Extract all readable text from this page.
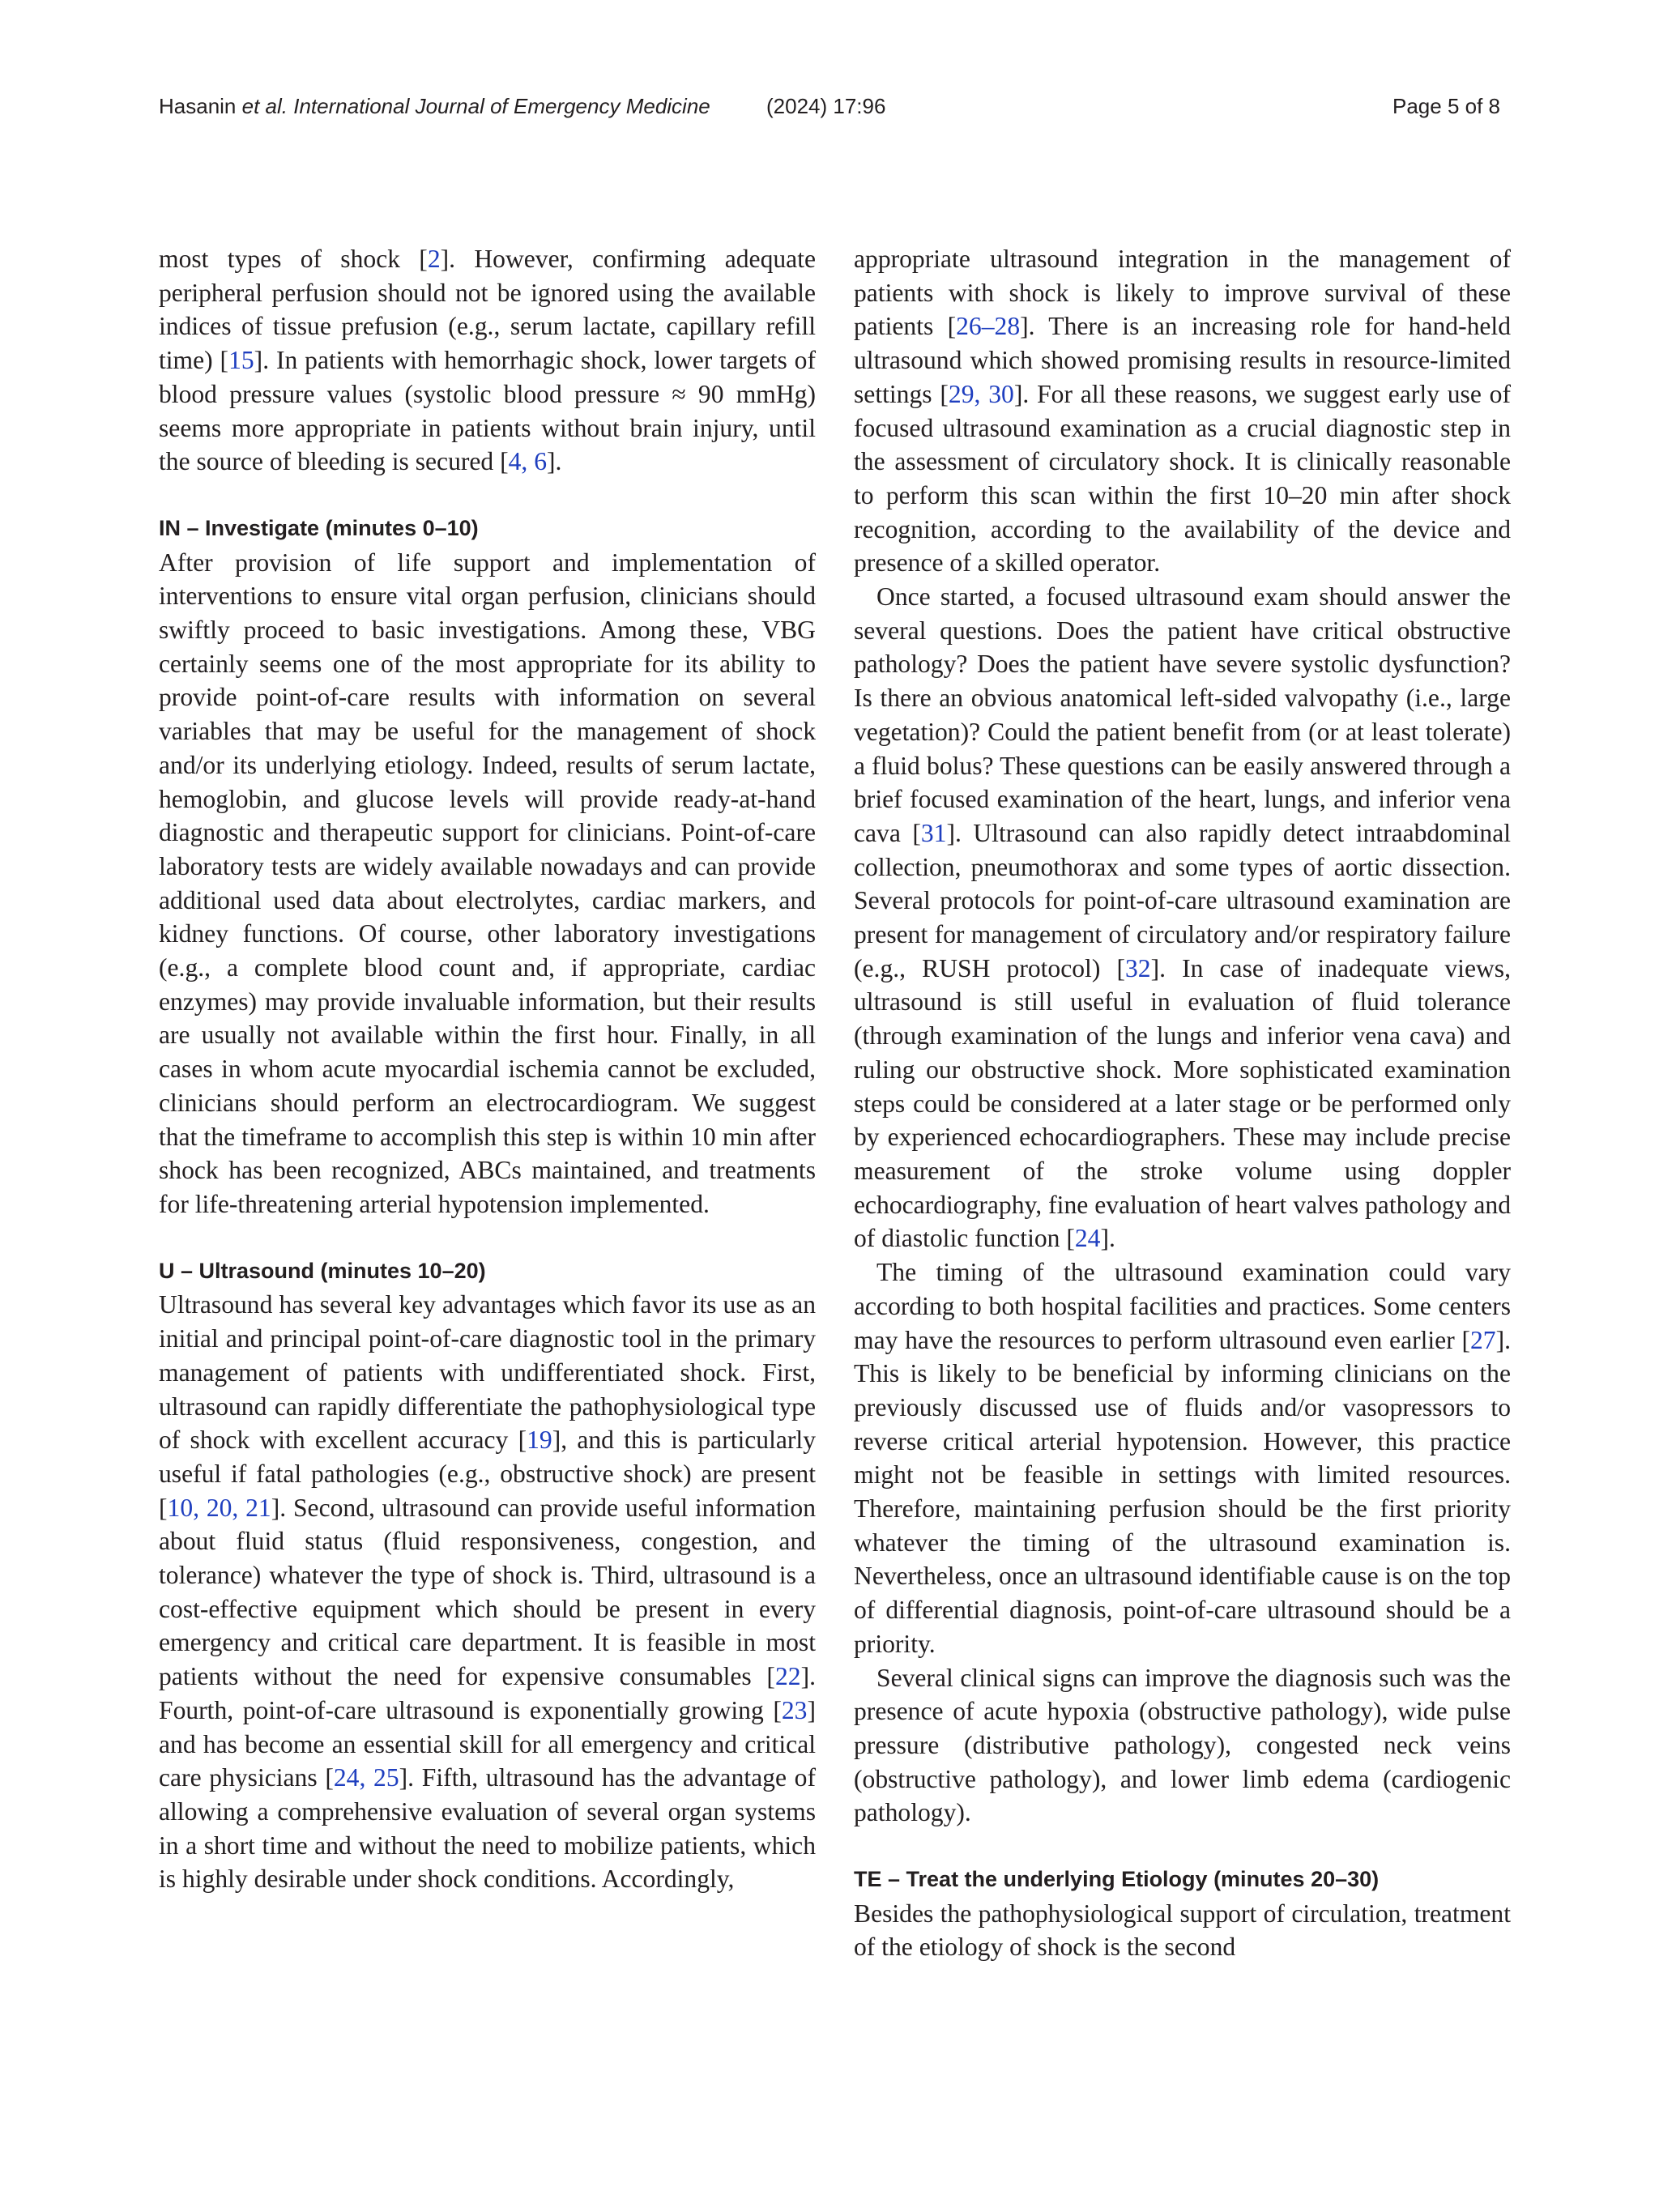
Hasanin et al. International Journal of Emergency Medicine	(2024) 17:96	Page 5 of 8

most types of shock [2]. However, confirming adequate peripheral perfusion should not be ignored using the available indices of tissue prefusion (e.g., serum lactate, capillary refill time) [15]. In patients with hemorrhagic shock, lower targets of blood pressure values (systolic blood pressure ≈ 90 mmHg) seems more appropriate in patients without brain injury, until the source of bleeding is secured [4, 6].

IN – Investigate (minutes 0–10)

After provision of life support and implementation of interventions to ensure vital organ perfusion, clinicians should swiftly proceed to basic investigations. Among these, VBG certainly seems one of the most appropriate for its ability to provide point-of-care results with information on several variables that may be useful for the management of shock and/or its underlying etiology. Indeed, results of serum lactate, hemoglobin, and glucose levels will provide ready-at-hand diagnostic and therapeutic support for clinicians. Point-of-care laboratory tests are widely available nowadays and can provide additional used data about electrolytes, cardiac markers, and kidney functions. Of course, other laboratory investigations (e.g., a complete blood count and, if appropriate, cardiac enzymes) may provide invaluable information, but their results are usually not available within the first hour. Finally, in all cases in whom acute myocardial ischemia cannot be excluded, clinicians should perform an electrocardiogram. We suggest that the timeframe to accomplish this step is within 10 min after shock has been recognized, ABCs maintained, and treatments for life-threatening arterial hypotension implemented.

U – Ultrasound (minutes 10–20)

Ultrasound has several key advantages which favor its use as an initial and principal point-of-care diagnostic tool in the primary management of patients with undifferentiated shock. First, ultrasound can rapidly differentiate the pathophysiological type of shock with excellent accuracy [19], and this is particularly useful if fatal pathologies (e.g., obstructive shock) are present [10, 20, 21]. Second, ultrasound can provide useful information about fluid status (fluid responsiveness, congestion, and tolerance) whatever the type of shock is. Third, ultrasound is a cost-effective equipment which should be present in every emergency and critical care department. It is feasible in most patients without the need for expensive consumables [22]. Fourth, point-of-care ultrasound is exponentially growing [23] and has become an essential skill for all emergency and critical care physicians [24, 25]. Fifth, ultrasound has the advantage of allowing a comprehensive evaluation of several organ systems in a short time and without the need to mobilize patients, which is highly desirable under shock conditions. Accordingly,

appropriate ultrasound integration in the management of patients with shock is likely to improve survival of these patients [26–28]. There is an increasing role for hand-held ultrasound which showed promising results in resource-limited settings [29, 30]. For all these reasons, we suggest early use of focused ultrasound examination as a crucial diagnostic step in the assessment of circulatory shock. It is clinically reasonable to perform this scan within the first 10–20 min after shock recognition, according to the availability of the device and presence of a skilled operator.

Once started, a focused ultrasound exam should answer the several questions. Does the patient have critical obstructive pathology? Does the patient have severe systolic dysfunction? Is there an obvious anatomical left-sided valvopathy (i.e., large vegetation)? Could the patient benefit from (or at least tolerate) a fluid bolus? These questions can be easily answered through a brief focused examination of the heart, lungs, and inferior vena cava [31]. Ultrasound can also rapidly detect intraabdominal collection, pneumothorax and some types of aortic dissection. Several protocols for point-of-care ultrasound examination are present for management of circulatory and/or respiratory failure (e.g., RUSH protocol) [32]. In case of inadequate views, ultrasound is still useful in evaluation of fluid tolerance (through examination of the lungs and inferior vena cava) and ruling our obstructive shock. More sophisticated examination steps could be considered at a later stage or be performed only by experienced echocardiographers. These may include precise measurement of the stroke volume using doppler echocardiography, fine evaluation of heart valves pathology and of diastolic function [24].

The timing of the ultrasound examination could vary according to both hospital facilities and practices. Some centers may have the resources to perform ultrasound even earlier [27]. This is likely to be beneficial by informing clinicians on the previously discussed use of fluids and/or vasopressors to reverse critical arterial hypotension. However, this practice might not be feasible in settings with limited resources. Therefore, maintaining perfusion should be the first priority whatever the timing of the ultrasound examination is. Nevertheless, once an ultrasound identifiable cause is on the top of differential diagnosis, point-of-care ultrasound should be a priority.

Several clinical signs can improve the diagnosis such was the presence of acute hypoxia (obstructive pathology), wide pulse pressure (distributive pathology), congested neck veins (obstructive pathology), and lower limb edema (cardiogenic pathology).

TE – Treat the underlying Etiology (minutes 20–30)

Besides the pathophysiological support of circulation, treatment of the etiology of shock is the second
